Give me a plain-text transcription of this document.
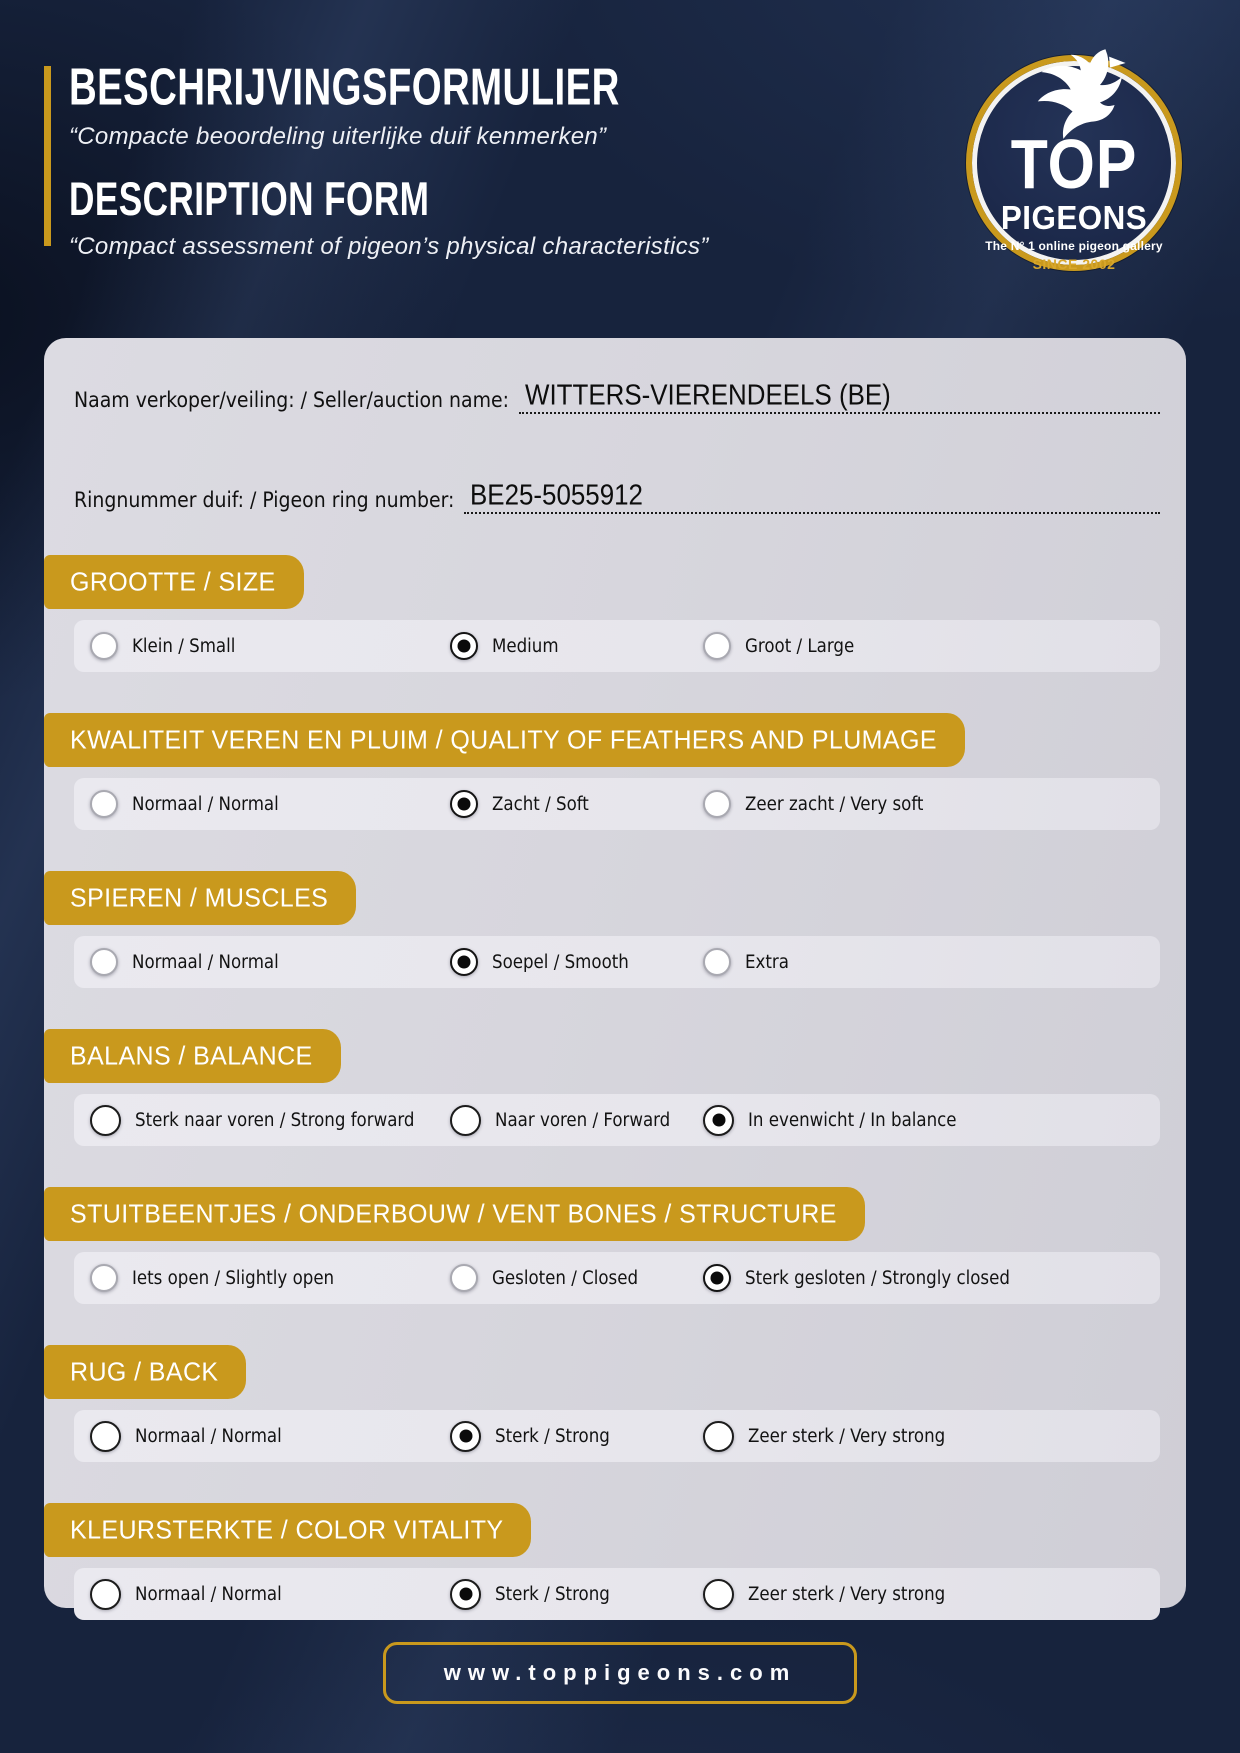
BESCHRIJVINGSFORMULIER

“Compacte beoordeling uiterlijke duif kenmerken”

DESCRIPTION FORM

“Compact assessment of pigeon’s physical characteristics”

TOP
PIGEONS
The N° 1 online pigeon gallery
SINCE 2002
Naam verkoper/veiling: / Seller/auction name: WITTERS-VIERENDEELS (BE)
Ringnummer duif: / Pigeon ring number: BE25-5055912
GROOTTE / SIZE
Klein / Small	Medium	Groot / Large
KWALITEIT VEREN EN PLUIM / QUALITY OF FEATHERS AND PLUMAGE
Normaal / Normal	Zacht / Soft	Zeer zacht / Very soft
SPIEREN / MUSCLES
Normaal / Normal	Soepel / Smooth	Extra
BALANS / BALANCE
Sterk naar voren / Strong forward	Naar voren / Forward	In evenwicht / In balance
STUITBEENTJES / ONDERBOUW / VENT BONES / STRUCTURE
Iets open / Slightly open	Gesloten / Closed	Sterk gesloten / Strongly closed
RUG / BACK
Normaal / Normal	Sterk / Strong	Zeer sterk / Very strong
KLEURSTERKTE / COLOR VITALITY
Normaal / Normal	Sterk / Strong	Zeer sterk / Very strong
www.toppigeons.com
